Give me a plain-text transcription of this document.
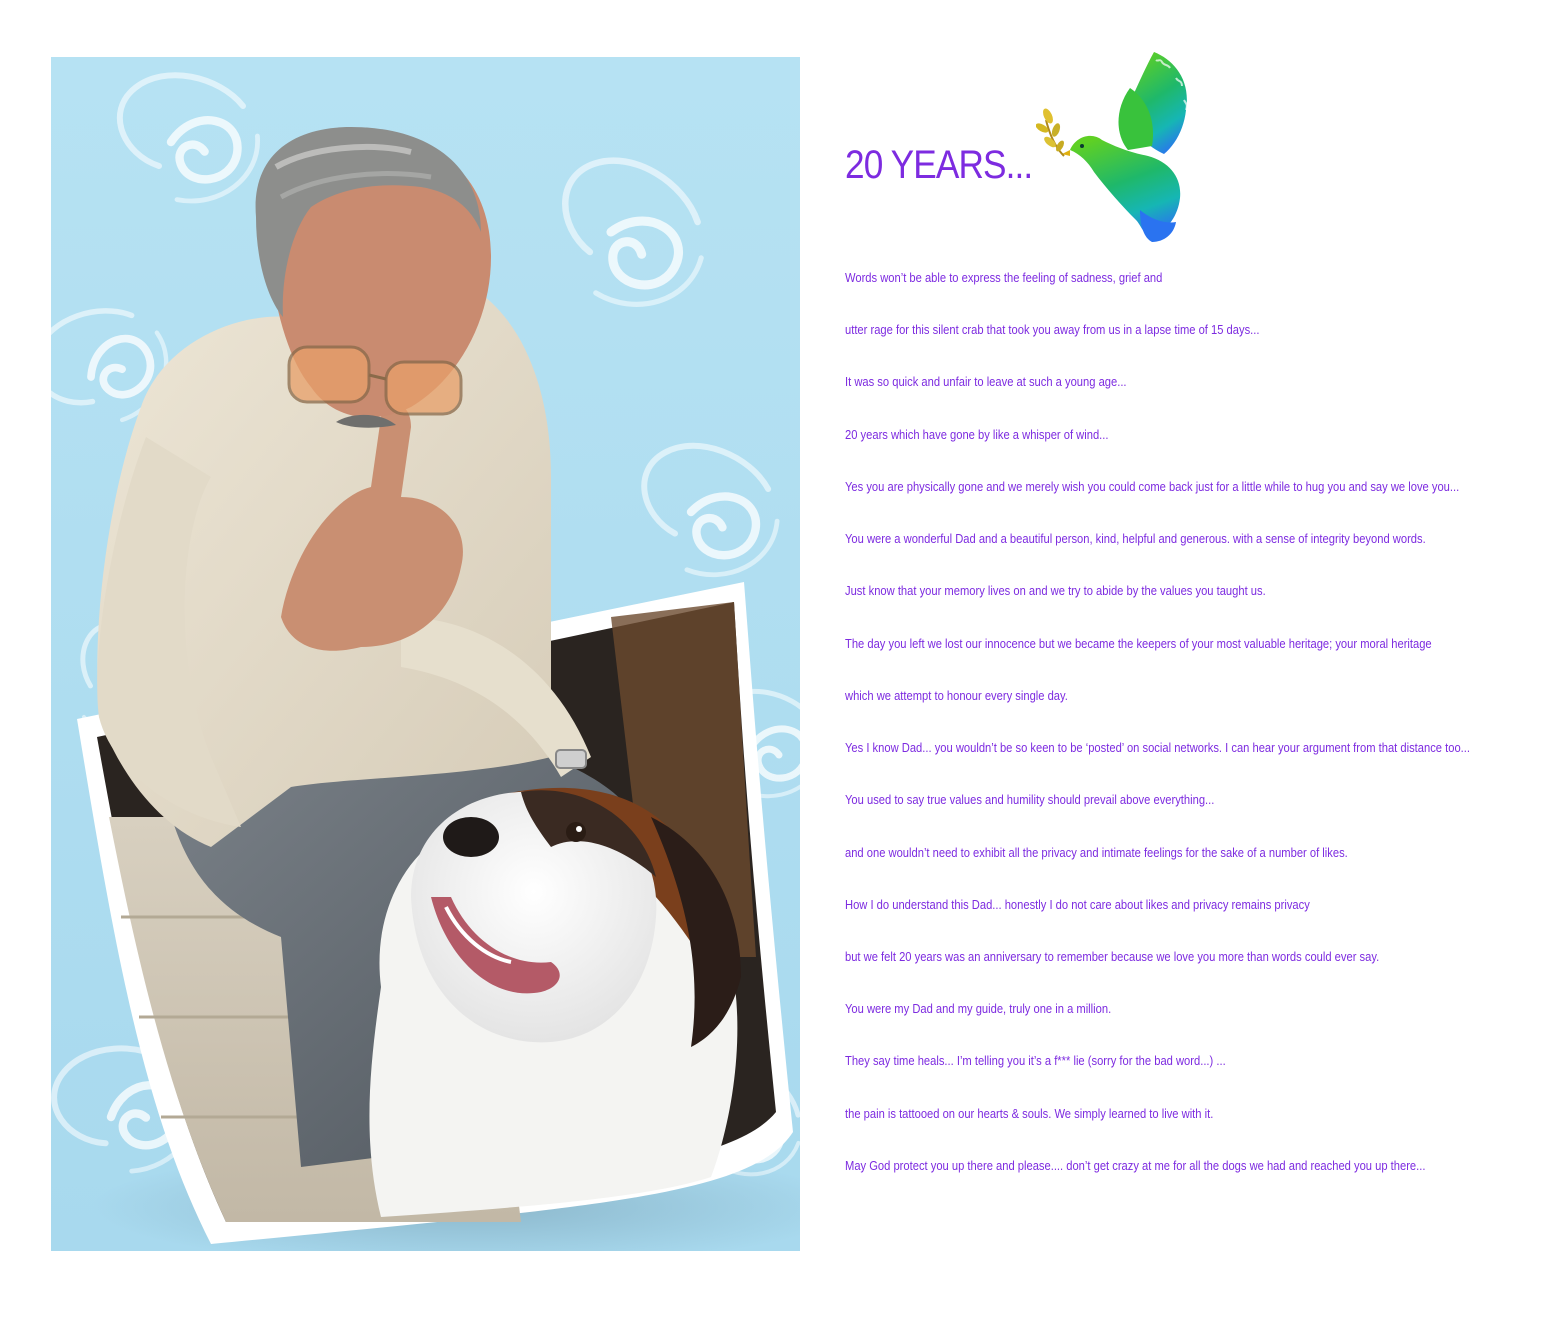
20 YEARS...
Words won’t be able to express the feeling of sadness, grief and
utter rage for this silent crab that took you away from us in a lapse time of 15 days...
It was so quick and unfair to leave at such a young age...
20 years which have gone by like a whisper of wind...
Yes you are physically gone and we merely wish you could come back just for a little while to hug you and say we love you...
You were a wonderful Dad and a beautiful person, kind, helpful and generous. with a sense of integrity beyond words.
Just know that your memory lives on and we try to abide by the values you taught us.
The day you left we lost our innocence but we became the keepers of your most valuable heritage; your moral heritage
which we attempt to honour every single day.
Yes I know Dad... you wouldn’t be so keen to be ‘posted’ on social networks. I can hear your argument from that distance too...
You used to say true values and humility should prevail above everything...
and one wouldn’t need to exhibit all the privacy and intimate feelings for the sake of a number of likes.
How I do understand this Dad... honestly I do not care about likes and privacy remains privacy
but we felt 20 years was an anniversary to remember because we love you more than words could ever say.
You were my Dad and my guide, truly one in a million.
They say time heals... I’m telling you it’s a f*** lie (sorry for the bad word...) ...
the pain is tattooed on our hearts & souls. We simply learned to live with it.
May God protect you up there and please.... don’t get crazy at me for all the dogs we had and reached you up there...
